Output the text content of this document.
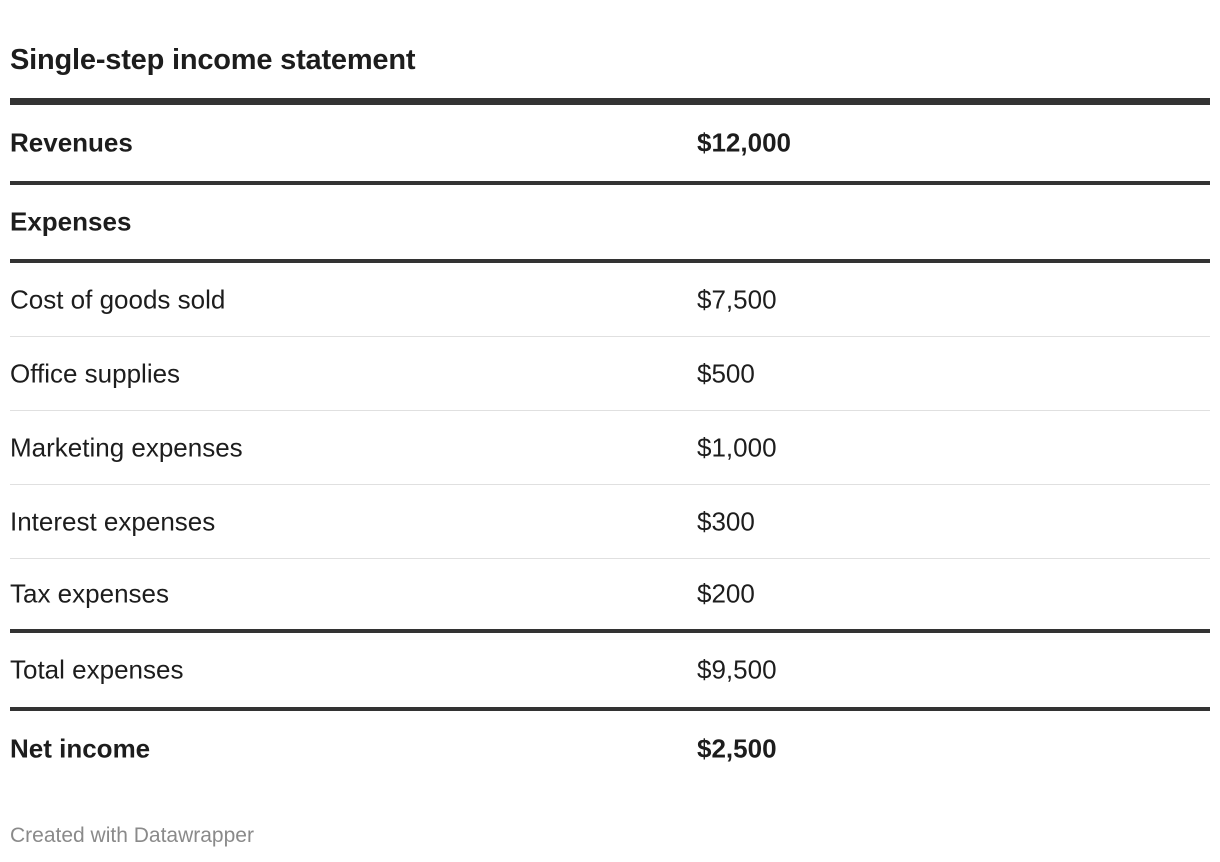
Single-step income statement
Revenues	$12,000
Expenses
Cost of goods sold	$7,500
Office supplies	$500
Marketing expenses	$1,000
Interest expenses	$300
Tax expenses	$200
Total expenses	$9,500
Net income	$2,500
Created with Datawrapper
